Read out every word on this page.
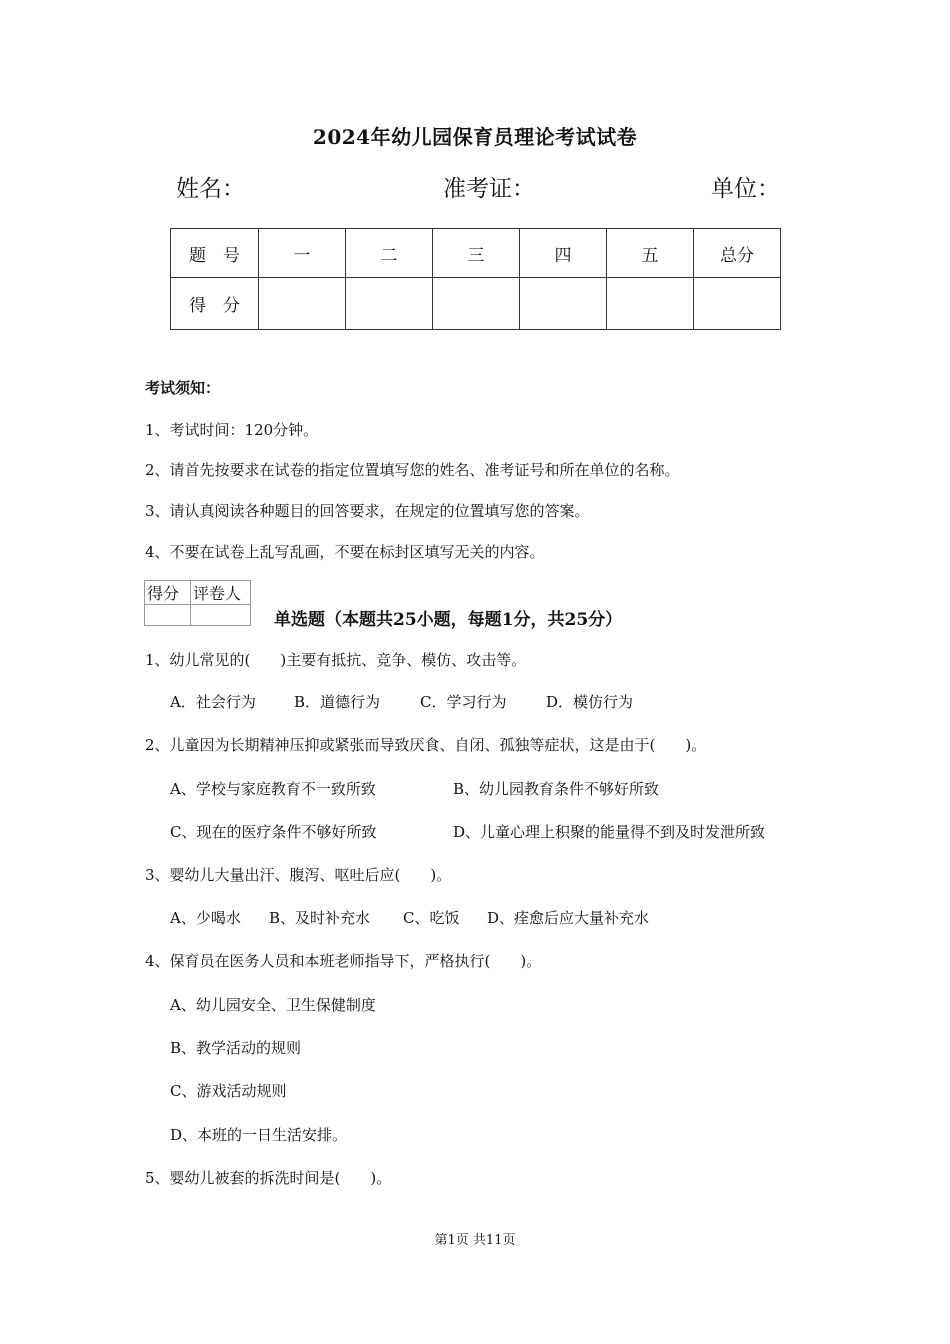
2024年幼儿园保育员理论考试试卷
姓名：	准考证：	单位：
题　号	一	二	三	四	五	总分
得　分						
考试须知：
1、考试时间：120分钟。
2、请首先按要求在试卷的指定位置填写您的姓名、准考证号和所在单位的名称。
3、请认真阅读各种题目的回答要求，在规定的位置填写您的答案。
4、不要在试卷上乱写乱画，不要在标封区填写无关的内容。
得分	评卷人

单选题（本题共25小题，每题1分，共25分）
1、幼儿常见的(　　)主要有抵抗、竞争、模仿、攻击等。
A．社会行为	B．道德行为	C．学习行为	D．模仿行为
2、儿童因为长期精神压抑或紧张而导致厌食、自闭、孤独等症状，这是由于(　　)。
A、学校与家庭教育不一致所致	B、幼儿园教育条件不够好所致
C、现在的医疗条件不够好所致	D、儿童心理上积聚的能量得不到及时发泄所致
3、婴幼儿大量出汗、腹泻、呕吐后应(　　)。
A、少喝水 B、及时补充水 C、吃饭 D、痊愈后应大量补充水
4、保育员在医务人员和本班老师指导下，严格执行(　　)。
A、幼儿园安全、卫生保健制度
B、教学活动的规则
C、游戏活动规则
D、本班的一日生活安排。
5、婴幼儿被套的拆洗时间是(　　)。
第1页 共11页
